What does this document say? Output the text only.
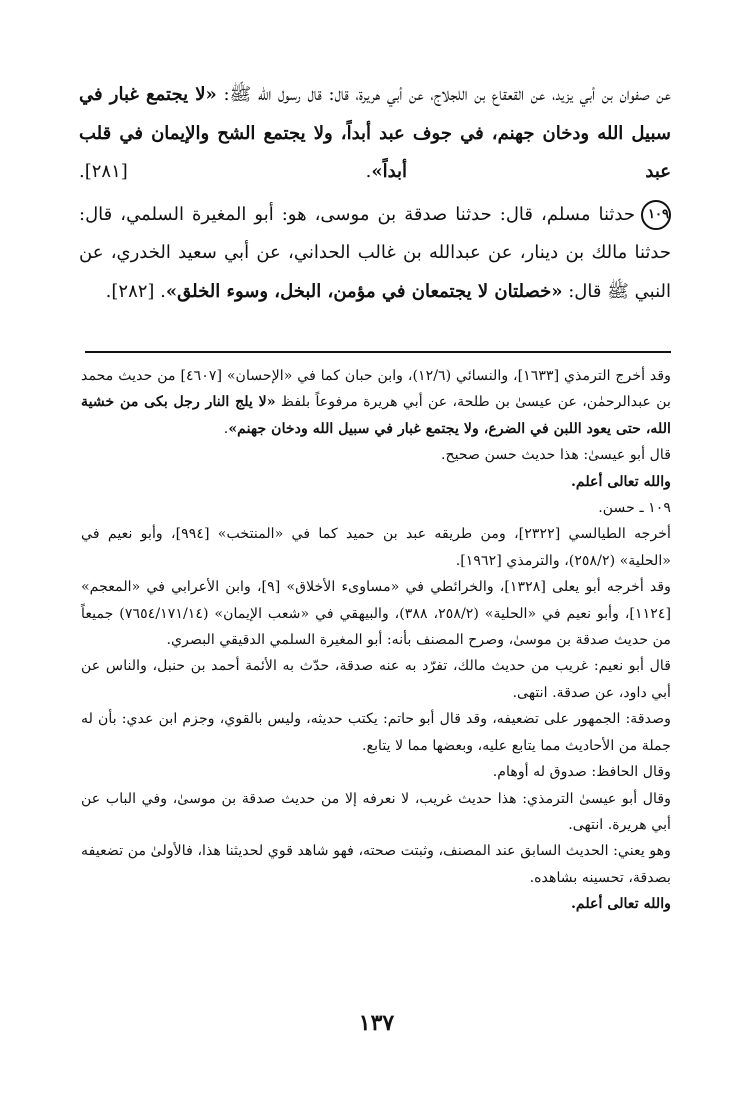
عن صفوان بن أبي يزيد، عن القعقاع بن اللجلاج، عن أبي هريرة، قال: قال رسول الله ﷺ: «لا يجتمع غبار في سبيل الله ودخان جهنم، في جوف عبد أبداً، ولا يجتمع الشح والإيمان في قلب عبد أبداً». [٢٨١].

١٠٩حدثنا مسلم، قال: حدثنا صدقة بن موسى، هو: أبو المغيرة السلمي، قال: حدثنا مالك بن دينار، عن عبدالله بن غالب الحداني، عن أبي سعيد الخدري، عن النبي ﷺ قال: «خصلتان لا يجتمعان في مؤمن، البخل، وسوء الخلق». [٢٨٢].

وقد أخرج الترمذي [١٦٣٣]، والنسائي (١٢/٦)، وابن حبان كما في «الإحسان» [٤٦٠٧] من حديث محمد بن عبدالرحمٰن، عن عيسىٰ بن طلحة، عن أبي هريرة مرفوعاً بلفظ «لا يلج النار رجل بكى من خشية الله، حتى يعود اللبن في الضرع، ولا يجتمع غبار في سبيل الله ودخان جهنم».

قال أبو عيسىٰ: هذا حديث حسن صحيح.

والله تعالى أعلم.

١٠٩ ـ حسن.

أخرجه الطيالسي [٢٣٢٢]، ومن طريقه عبد بن حميد كما في «المنتخب» [٩٩٤]، وأبو نعيم في «الحلية» (٢٥٨/٢)، والترمذي [١٩٦٢].

وقد أخرجه أبو يعلى [١٣٢٨]، والخرائطي في «مساوىء الأخلاق» [٩]، وابن الأعرابي في «المعجم» [١١٢٤]، وأبو نعيم في «الحلية» (٢٥٨/٢، ٣٨٨)، والبيهقي في «شعب الإيمان» (٧٦٥٤/١٧١/١٤) جميعاً من حديث صدقة بن موسىٰ، وصرح المصنف بأنه: أبو المغيرة السلمي الدقيقي البصري.

قال أبو نعيم: غريب من حديث مالك، تفرّد به عنه صدقة، حدّث به الأئمة أحمد بن حنبل، والناس عن أبي داود، عن صدقة. انتهى.

وصدقة: الجمهور على تضعيفه، وقد قال أبو حاتم: يكتب حديثه، وليس بالقوي، وجزم ابن عدي: بأن له جملة من الأحاديث مما يتابع عليه، وبعضها مما لا يتابع.

وقال الحافظ: صدوق له أوهام.

وقال أبو عيسىٰ الترمذي: هذا حديث غريب، لا نعرفه إلا من حديث صدقة بن موسىٰ، وفي الباب عن أبي هريرة. انتهى.

وهو يعني: الحديث السابق عند المصنف، وثبتت صحته، فهو شاهد قوي لحديثنا هذا، فالأولىٰ من تضعيفه بصدقة، تحسينه بشاهده.

والله تعالى أعلم.

١٣٧
